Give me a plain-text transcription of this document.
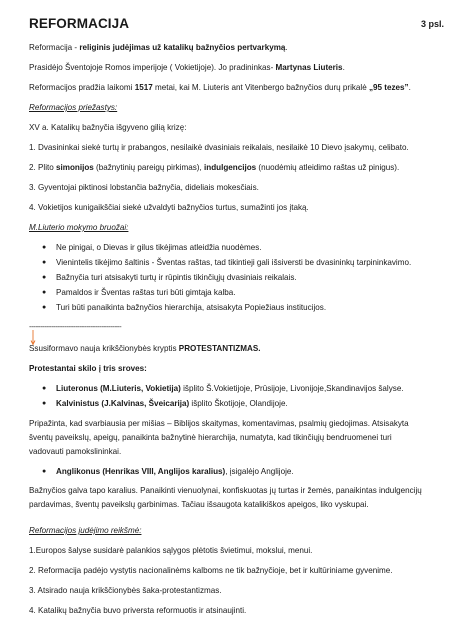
REFORMACIJA	3 psl.
Reformacija - religinis judėjimas už katalikų bažnyčios pertvarkymą.
Prasidėjo Šventojoje Romos imperijoje ( Vokietijoje). Jo pradininkas- Martynas Liuteris.
Reformacijos pradžia laikomi 1517 metai, kai M. Liuteris ant Vitenbergo bažnyčios durų prikalė „95 tezes”.
Reformacijos priežastys:
XV a. Katalikų bažnyčia išgyveno gilią krizę:
1. Dvasininkai siekė turtų ir prabangos, nesilaikė dvasiniais reikalais, nesilaikė 10 Dievo įsakymų, celibato.
2. Plito simonijos (bažnytinių pareigų pirkimas), indulgencijos (nuodėmių atleidimo raštas už pinigus).
3. Gyventojai piktinosi lobstančia bažnyčia, dideliais mokesčiais.
4. Vokietijos kunigaikščiai siekė užvaldyti bažnyčios turtus, sumažinti jos įtaką.
M.Liuterio mokymo bruožai:
● Ne pinigai, o Dievas ir gilus tikėjimas atleidžia nuodėmes.
● Vienintelis tikėjimo šaltinis - Šventas raštas, tad tikintieji gali išsiversti be dvasininkų tarpininkavimo.
● Bažnyčia turi atsisakyti turtų ir rūpintis tikinčiųjų dvasiniais reikalais.
● Pamaldos ir Šventas raštas turi būti gimtąja kalba.
● Turi būti panaikinta bažnyčios hierarchija, atsisakyta Popiežiaus institucijos.
------------------------------------------
Ssusiformavo nauja krikščionybės kryptis PROTESTANTIZMAS.
Protestantai skilo į tris sroves:
● Liuteronus (M.Liuteris, Vokietija) išplito Š.Vokietijoje, Prūsijoje, Livonijoje,Skandinavijos šalyse.
● Kalvinistus (J.Kalvinas, Šveicarija) išplito Škotijoje, Olandijoje.
Pripažinta, kad svarbiausia per mišias – Biblijos skaitymas, komentavimas, psalmių giedojimas. Atsisakyta
šventų paveikslų, apeigų, panaikinta bažnytinė hierarchija, numatyta, kad tikinčiųjų bendruomenei turi
vadovauti pamokslininkai.
● Anglikonus (Henrikas VIII, Anglijos karalius), įsigalėjo Anglijoje.
Bažnyčios galva tapo karalius. Panaikinti vienuolynai, konfiskuotas jų turtas ir žemės, panaikintas indulgencijų
pardavimas, šventų paveikslų garbinimas. Tačiau išsaugota katalikiškos apeigos, liko vyskupai.
Reformacijos judėjimo reikšmė:
1.Europos šalyse susidarė palankios sąlygos plėtotis švietimui, mokslui, menui.
2. Reformacija padėjo vystytis nacionalinėms kalboms ne tik bažnyčioje, bet ir kultūriniame gyvenime.
3. Atsirado nauja krikščionybės šaka-protestantizmas.
4. Katalikų bažnyčia buvo priversta reformuotis ir atsinaujinti.
